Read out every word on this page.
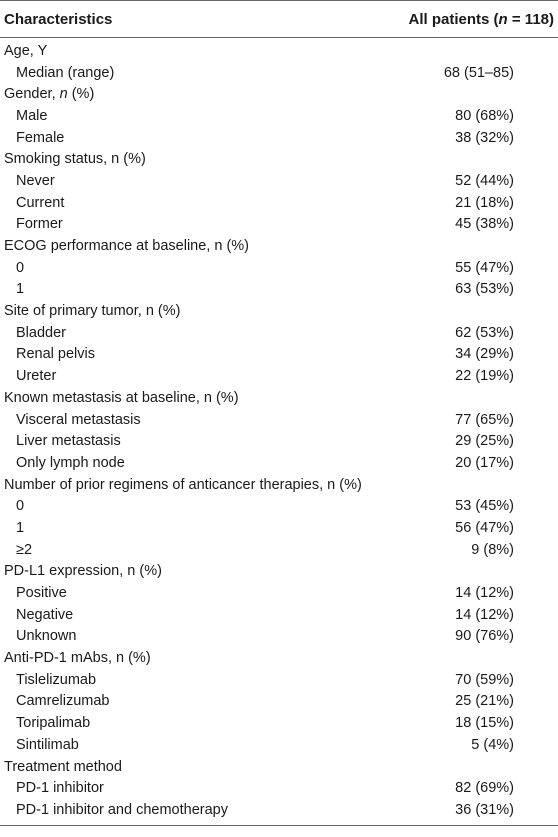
Characteristics	All patients (n = 118)
Age, Y
Median (range)	68 (51–85)
Gender, n (%)
Male	80 (68%)
Female	38 (32%)
Smoking status, n (%)
Never	52 (44%)
Current	21 (18%)
Former	45 (38%)
ECOG performance at baseline, n (%)
0	55 (47%)
1	63 (53%)
Site of primary tumor, n (%)
Bladder	62 (53%)
Renal pelvis	34 (29%)
Ureter	22 (19%)
Known metastasis at baseline, n (%)
Visceral metastasis	77 (65%)
Liver metastasis	29 (25%)
Only lymph node	20 (17%)
Number of prior regimens of anticancer therapies, n (%)
0	53 (45%)
1	56 (47%)
≥2	9 (8%)
PD-L1 expression, n (%)
Positive	14 (12%)
Negative	14 (12%)
Unknown	90 (76%)
Anti-PD-1 mAbs, n (%)
Tislelizumab	70 (59%)
Camrelizumab	25 (21%)
Toripalimab	18 (15%)
Sintilimab	5 (4%)
Treatment method
PD-1 inhibitor	82 (69%)
PD-1 inhibitor and chemotherapy	36 (31%)
